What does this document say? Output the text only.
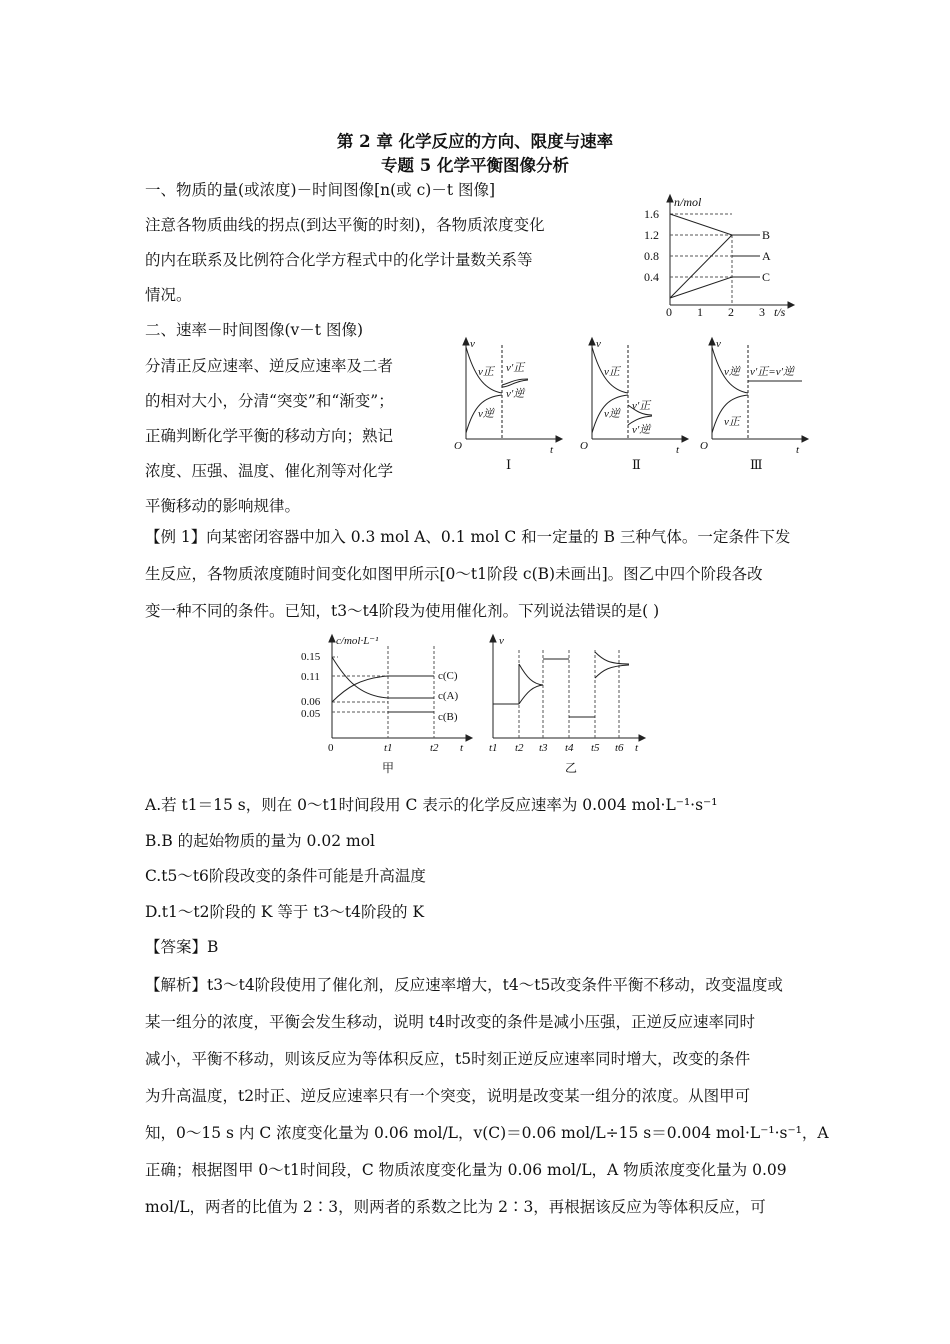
第 2 章 化学反应的方向、限度与速率
专题 5 化学平衡图像分析
一、物质的量(或浓度)－时间图像[n(或 c)－t 图像]
注意各物质曲线的拐点(到达平衡的时刻)，各物质浓度变化
的内在联系及比例符合化学方程式中的化学计量数关系等
情况。
n/mol
1.6
1.2
0.8
0.4
0 1 2 3 t/s
B
A
C
二、速率－时间图像(v－t 图像)
分清正反应速率、逆反应速率及二者
的相对大小，分清“突变”和“渐变”；
正确判断化学平衡的移动方向；熟记
浓度、压强、温度、催化剂等对化学
平衡移动的影响规律。
v
t
O
v正
v逆
v′正
v′逆
v
t
O
v正
v逆
v′正
v′逆
v
t
O
v逆
v正
v′正=v′逆
Ⅰ	Ⅱ	Ⅲ
【例 1】向某密闭容器中加入 0.3 mol A、0.1 mol C 和一定量的 B 三种气体。一定条件下发
生反应，各物质浓度随时间变化如图甲所示[0～t1阶段 c(B)未画出]。图乙中四个阶段各改
变一种不同的条件。已知，t3～t4阶段为使用催化剂。下列说法错误的是( )
c/mol·L⁻¹
0.15
0.11
0.06
0.05
0	t1	t2 t
c(C)
c(A)
c(B)
甲
v
t1 t2 t3 t4 t5 t6 t
乙
A.若 t1＝15 s，则在 0～t1时间段用 C 表示的化学反应速率为 0.004 mol·L⁻¹·s⁻¹
B.B 的起始物质的量为 0.02 mol
C.t5～t6阶段改变的条件可能是升高温度
D.t1～t2阶段的 K 等于 t3～t4阶段的 K
【答案】B
【解析】t3～t4阶段使用了催化剂，反应速率增大，t4～t5改变条件平衡不移动，改变温度或
某一组分的浓度，平衡会发生移动，说明 t4时改变的条件是减小压强，正逆反应速率同时
减小，平衡不移动，则该反应为等体积反应，t5时刻正逆反应速率同时增大，改变的条件
为升高温度，t2时正、逆反应速率只有一个突变，说明是改变某一组分的浓度。从图甲可
知，0～15 s 内 C 浓度变化量为 0.06 mol/L，v(C)＝0.06 mol/L÷15 s＝0.004 mol·L⁻¹·s⁻¹，A
正确；根据图甲 0～t1时间段，C 物质浓度变化量为 0.06 mol/L，A 物质浓度变化量为 0.09
mol/L，两者的比值为 2∶3，则两者的系数之比为 2∶3，再根据该反应为等体积反应，可
